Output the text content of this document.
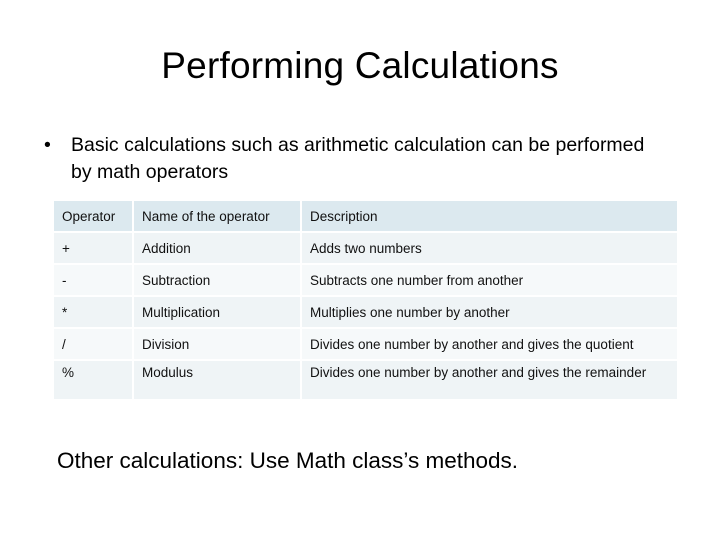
Performing Calculations
•	Basic calculations such as arithmetic calculation can be performed by math operators
Operator	Name of the operator	Description
+	Addition	Adds two numbers
-	Subtraction	Subtracts one number from another
*	Multiplication	Multiplies one number by another
/	Division	Divides one number by another and gives the quotient
%	Modulus	Divides one number by another and gives the remainder
Other calculations: Use Math class’s methods.
